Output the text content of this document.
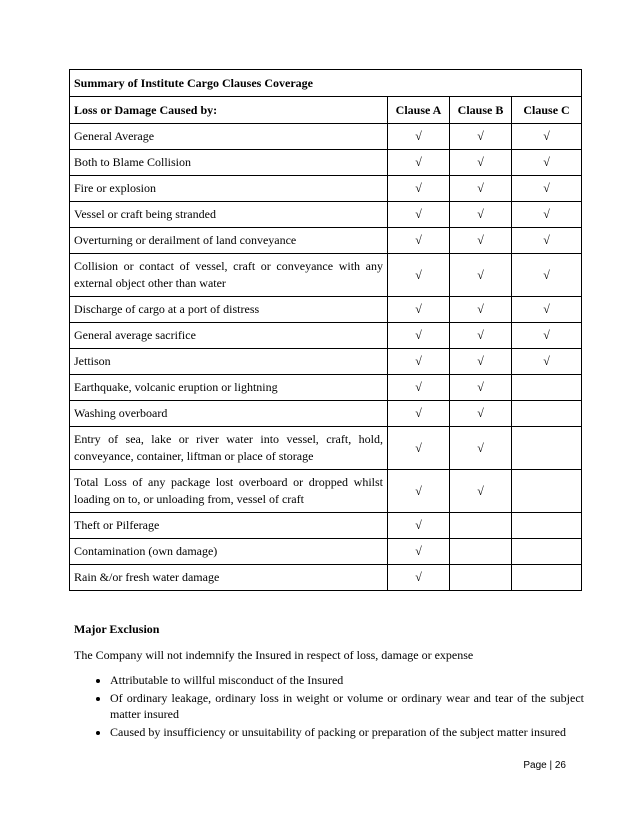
Summary of Institute Cargo Clauses Coverage			
Loss or Damage Caused by:	Clause A	Clause B	Clause C
General Average	√	√	√
Both to Blame Collision	√	√	√
Fire or explosion	√	√	√
Vessel or craft being stranded	√	√	√
Overturning or derailment of land conveyance	√	√	√
Collision or contact of vessel, craft or conveyance with any external object other than water	√	√	√
Discharge of cargo at a port of distress	√	√	√
General average sacrifice	√	√	√
Jettison	√	√	√
Earthquake, volcanic eruption or lightning	√	√	
Washing overboard	√	√	
Entry of sea, lake or river water into vessel, craft, hold, conveyance, container, liftman or place of storage	√	√	
Total Loss of any package lost overboard or dropped whilst loading on to, or unloading from, vessel of craft	√	√	
Theft or Pilferage	√		
Contamination (own damage)	√		
Rain &/or fresh water damage	√		

Major Exclusion

The Company will not indemnify the Insured in respect of loss, damage or expense

• Attributable to willful misconduct of the Insured
• Of ordinary leakage, ordinary loss in weight or volume or ordinary wear and tear of the subject matter insured
• Caused by insufficiency or unsuitability of packing or preparation of the subject matter insured
Page | 26
